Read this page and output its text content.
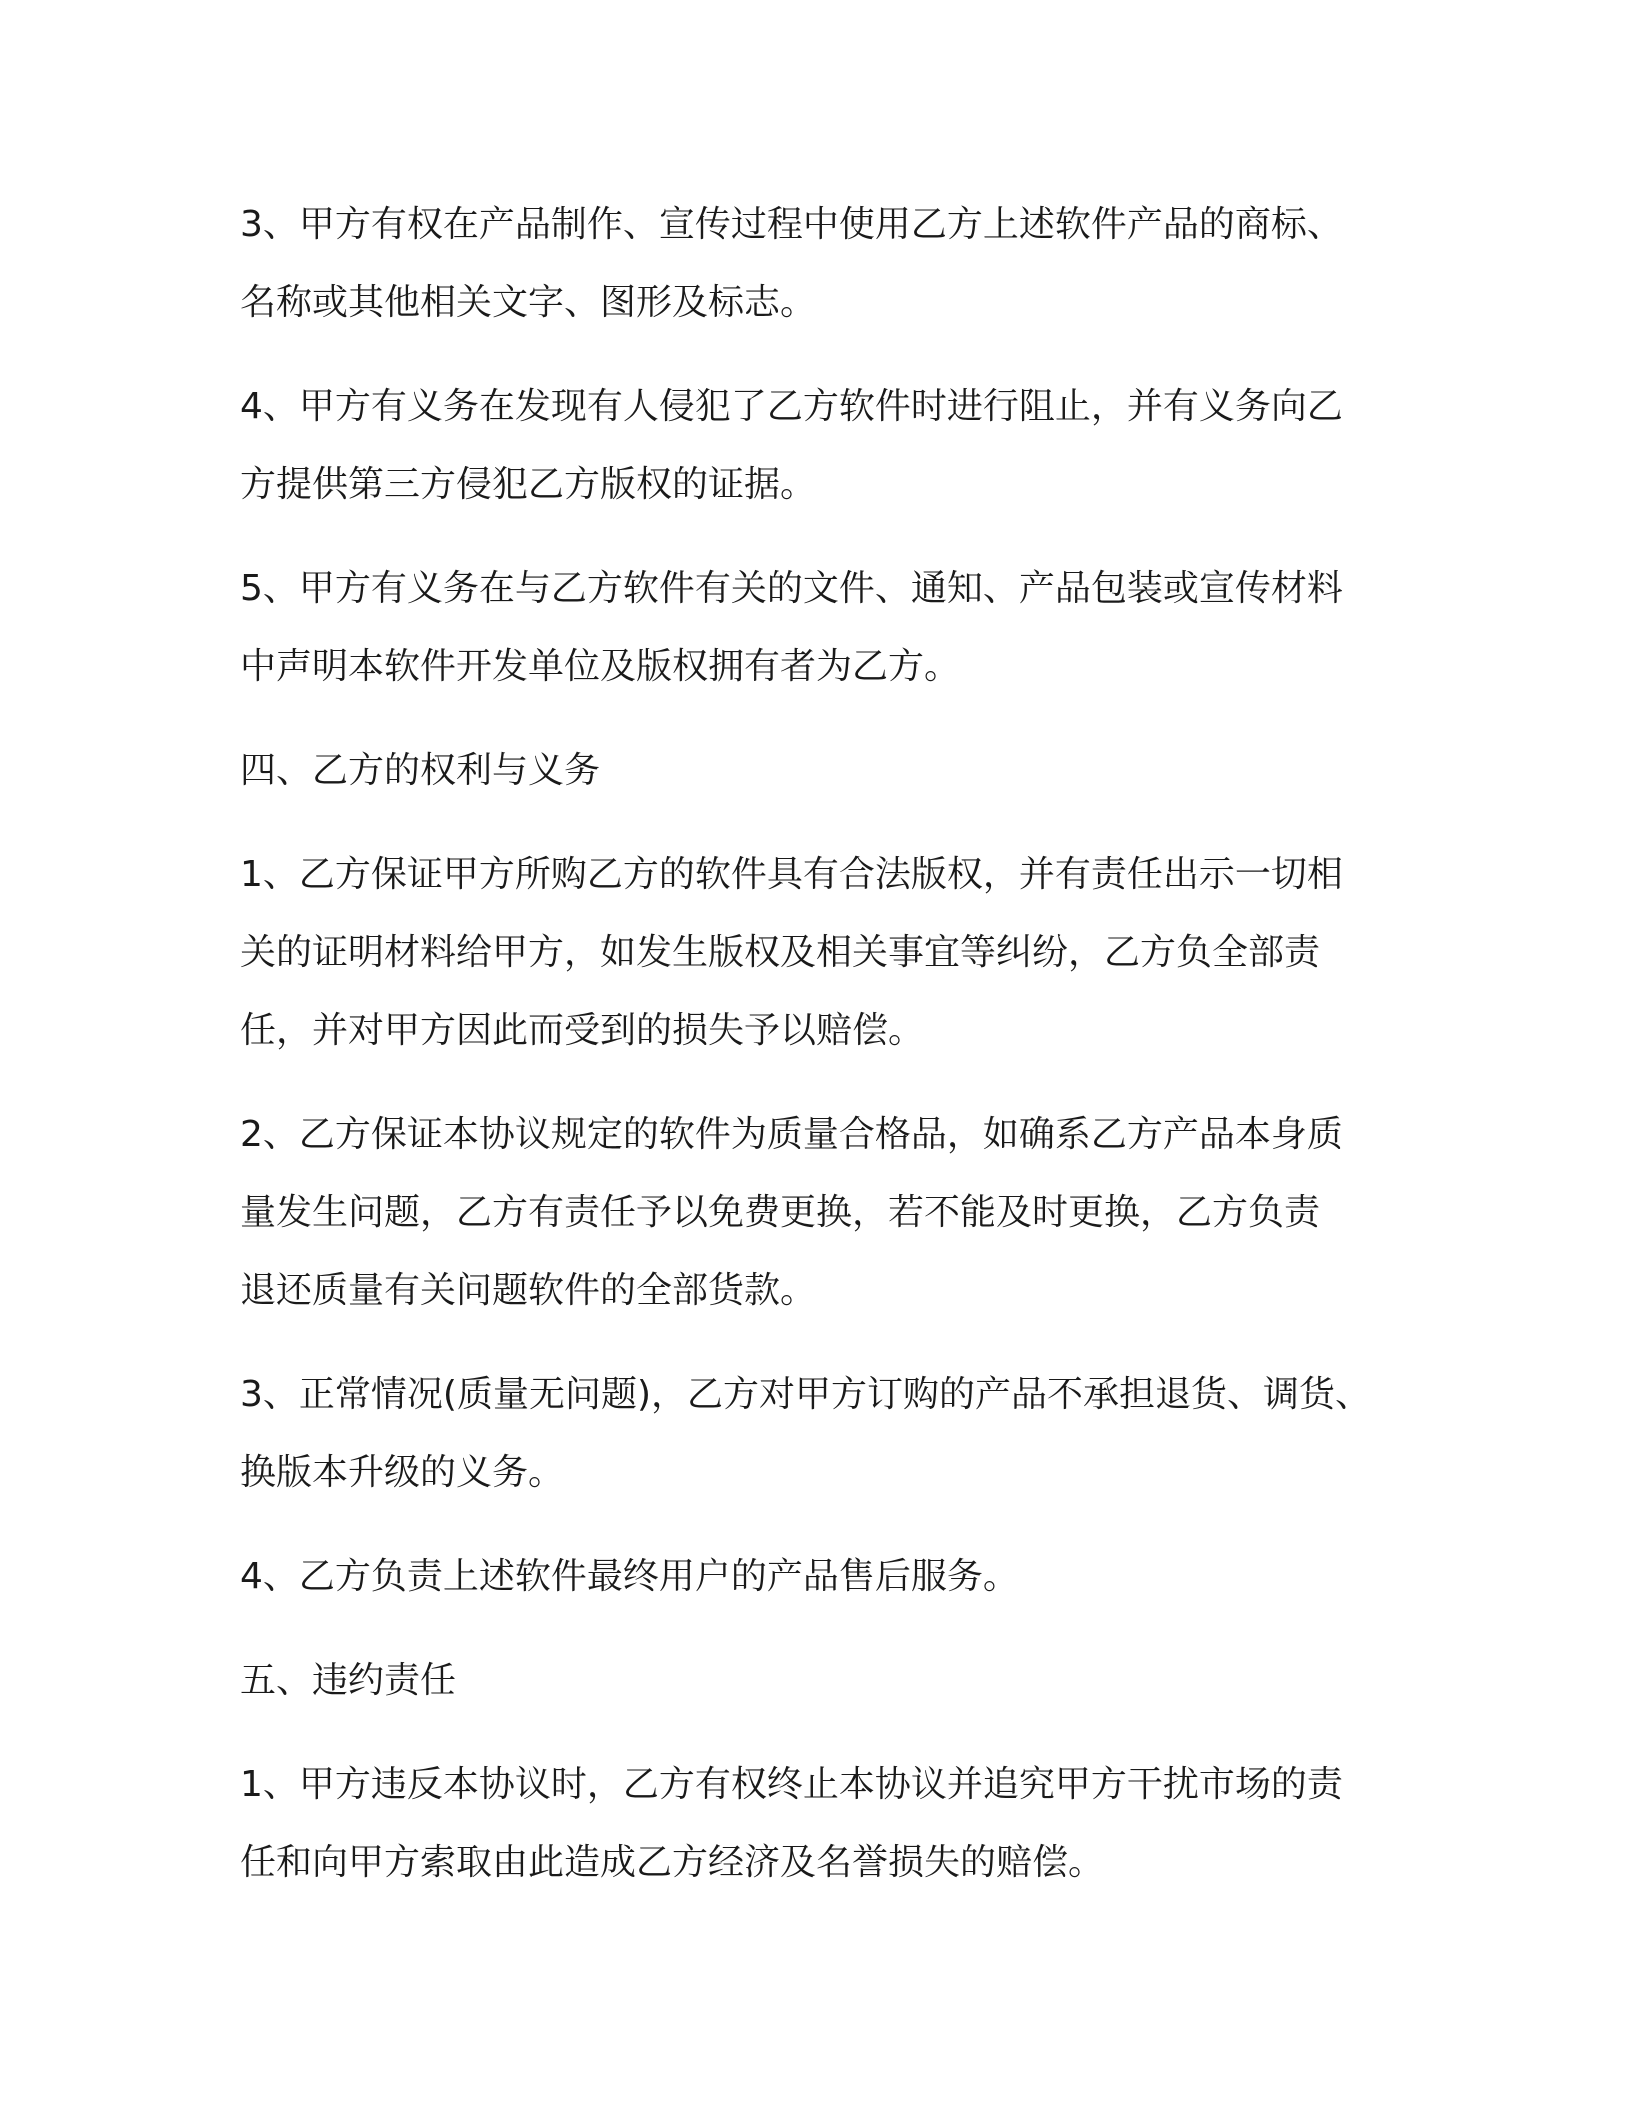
3、甲方有权在产品制作、宣传过程中使用乙方上述软件产品的商标、
名称或其他相关文字、图形及标志。

4、甲方有义务在发现有人侵犯了乙方软件时进行阻止，并有义务向乙
方提供第三方侵犯乙方版权的证据。

5、甲方有义务在与乙方软件有关的文件、通知、产品包装或宣传材料
中声明本软件开发单位及版权拥有者为乙方。

四、乙方的权利与义务

1、乙方保证甲方所购乙方的软件具有合法版权，并有责任出示一切相
关的证明材料给甲方，如发生版权及相关事宜等纠纷，乙方负全部责
任，并对甲方因此而受到的损失予以赔偿。

2、乙方保证本协议规定的软件为质量合格品，如确系乙方产品本身质
量发生问题，乙方有责任予以免费更换，若不能及时更换，乙方负责
退还质量有关问题软件的全部货款。

3、正常情况(质量无问题)，乙方对甲方订购的产品不承担退货、调货、
换版本升级的义务。

4、乙方负责上述软件最终用户的产品售后服务。

五、违约责任

1、甲方违反本协议时，乙方有权终止本协议并追究甲方干扰市场的责
任和向甲方索取由此造成乙方经济及名誉损失的赔偿。
